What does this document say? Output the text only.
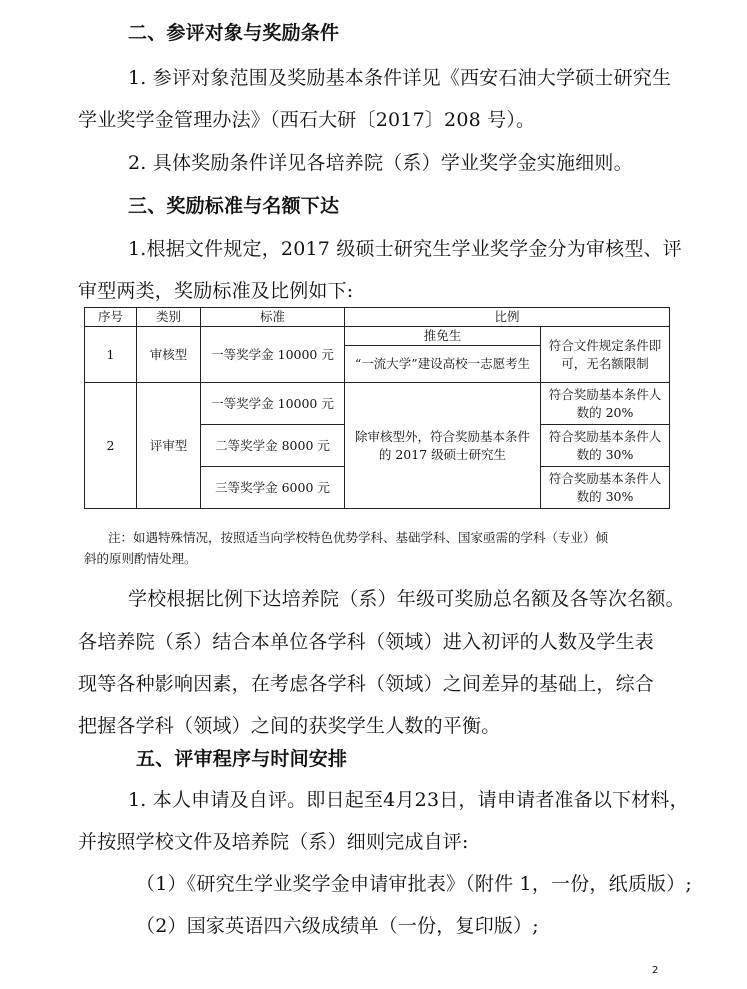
二、参评对象与奖励条件
1. 参评对象范围及奖励基本条件详见《西安石油大学硕士研究生
学业奖学金管理办法》（西石大研〔2017〕208 号）。
2. 具体奖励条件详见各培养院（系）学业奖学金实施细则。
三、奖励标准与名额下达
1.根据文件规定，2017 级硕士研究生学业奖学金分为审核型、评
审型两类，奖励标准及比例如下:
序号	类别	标准	比例	
1	审核型	一等奖学金 10000 元	推免生	符合文件规定条件即可，无名额限制
			“一流大学”建设高校一志愿考生	
2	评审型	一等奖学金 10000 元	除审核型外，符合奖励基本条件的 2017 级硕士研究生	符合奖励基本条件人数的 20%
		二等奖学金 8000 元		符合奖励基本条件人数的 30%
		三等奖学金 6000 元		符合奖励基本条件人数的 30%
注：如遇特殊情况，按照适当向学校特色优势学科、基础学科、国家亟需的学科（专业）倾
斜的原则酌情处理。
学校根据比例下达培养院（系）年级可奖励总名额及各等次名额。
各培养院（系）结合本单位各学科（领域）进入初评的人数及学生表
现等各种影响因素，在考虑各学科（领域）之间差异的基础上，综合
把握各学科（领域）之间的获奖学生人数的平衡。
五、评审程序与时间安排
1. 本人申请及自评。即日起至4月23日，请申请者准备以下材料，
并按照学校文件及培养院（系）细则完成自评:
（1）《研究生学业奖学金申请审批表》（附件 1，一份，纸质版）;
（2）国家英语四六级成绩单（一份，复印版）;
2
